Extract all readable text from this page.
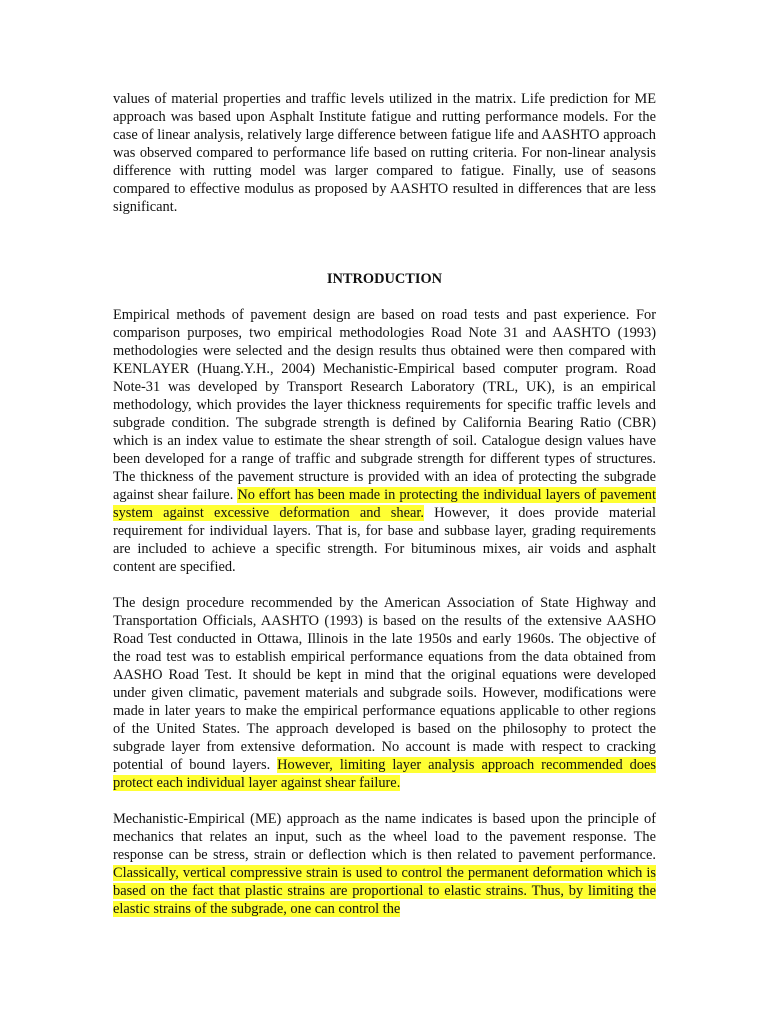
values of material properties and traffic levels utilized in the matrix. Life prediction for ME approach was based upon Asphalt Institute fatigue and rutting performance models. For the case of linear analysis, relatively large difference between fatigue life and AASHTO approach was observed compared to performance life based on rutting criteria. For non-linear analysis difference with rutting model was larger compared to fatigue. Finally, use of seasons compared to effective modulus as proposed by AASHTO resulted in differences that are less significant.

INTRODUCTION

Empirical methods of pavement design are based on road tests and past experience. For comparison purposes, two empirical methodologies Road Note 31 and AASHTO (1993) methodologies were selected and the design results thus obtained were then compared with KENLAYER (Huang.Y.H., 2004) Mechanistic-Empirical based computer program. Road Note-31 was developed by Transport Research Laboratory (TRL, UK), is an empirical methodology, which provides the layer thickness requirements for specific traffic levels and subgrade condition. The subgrade strength is defined by California Bearing Ratio (CBR) which is an index value to estimate the shear strength of soil. Catalogue design values have been developed for a range of traffic and subgrade strength for different types of structures. The thickness of the pavement structure is provided with an idea of protecting the subgrade against shear failure. No effort has been made in protecting the individual layers of pavement system against excessive deformation and shear. However, it does provide material requirement for individual layers. That is, for base and subbase layer, grading requirements are included to achieve a specific strength. For bituminous mixes, air voids and asphalt content are specified.

The design procedure recommended by the American Association of State Highway and Transportation Officials, AASHTO (1993) is based on the results of the extensive AASHO Road Test conducted in Ottawa, Illinois in the late 1950s and early 1960s. The objective of the road test was to establish empirical performance equations from the data obtained from AASHO Road Test. It should be kept in mind that the original equations were developed under given climatic, pavement materials and subgrade soils. However, modifications were made in later years to make the empirical performance equations applicable to other regions of the United States. The approach developed is based on the philosophy to protect the subgrade layer from extensive deformation. No account is made with respect to cracking potential of bound layers. However, limiting layer analysis approach recommended does protect each individual layer against shear failure.

Mechanistic-Empirical (ME) approach as the name indicates is based upon the principle of mechanics that relates an input, such as the wheel load to the pavement response. The response can be stress, strain or deflection which is then related to pavement performance. Classically, vertical compressive strain is used to control the permanent deformation which is based on the fact that plastic strains are proportional to elastic strains. Thus, by limiting the elastic strains of the subgrade, one can control the
